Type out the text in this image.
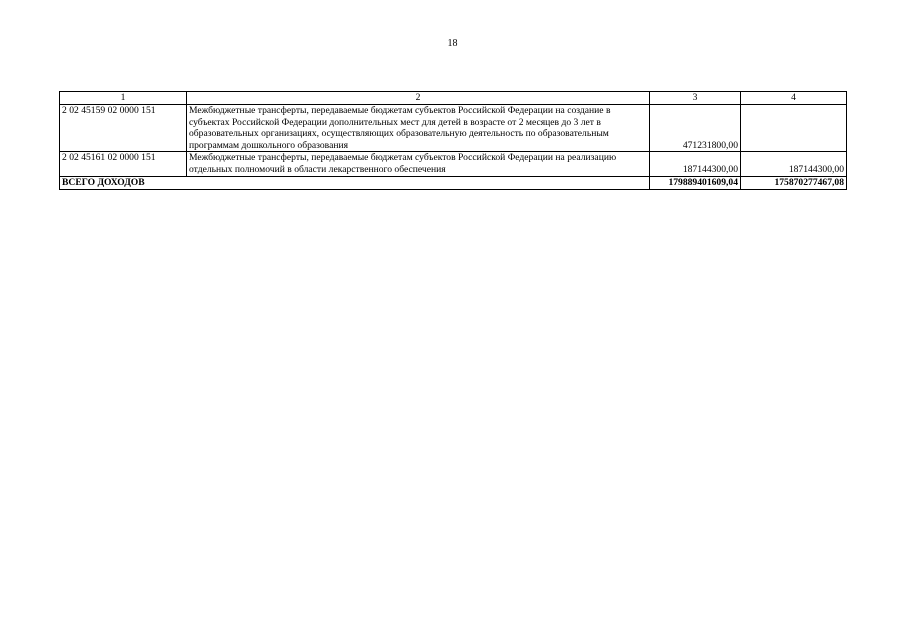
18
1	2	3	4
2 02 45159 02 0000 151	Межбюджетные трансферты, передаваемые бюджетам субъектов Российской Федерации на создание в субъектах Российской Федерации дополнительных мест для детей в возрасте от 2 месяцев до 3 лет в образовательных организациях, осуществляющих образовательную деятельность по образовательным программам дошкольного образования	471231800,00	
2 02 45161 02 0000 151	Межбюджетные трансферты, передаваемые бюджетам субъектов Российской Федерации на реализацию отдельных полномочий в области лекарственного обеспечения	187144300,00	187144300,00
ВСЕГО ДОХОДОВ		179889401609,04	175870277467,08
